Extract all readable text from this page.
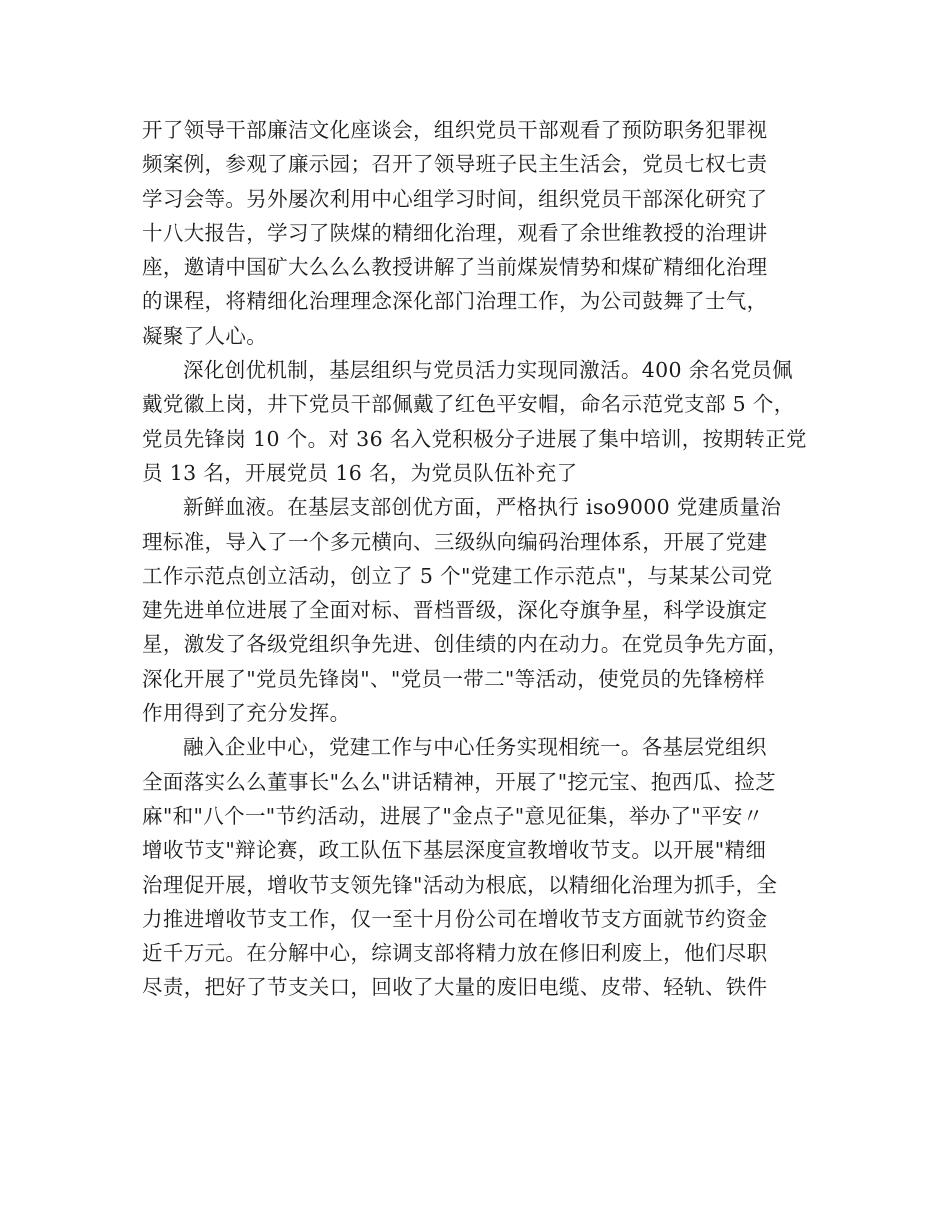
开了领导干部廉洁文化座谈会，组织党员干部观看了预防职务犯罪视
频案例，参观了廉示园；召开了领导班子民主生活会，党员七权七责
学习会等。另外屡次利用中心组学习时间，组织党员干部深化研究了
十八大报告，学习了陕煤的精细化治理，观看了余世维教授的治理讲
座，邀请中国矿大么么么教授讲解了当前煤炭情势和煤矿精细化治理
的课程，将精细化治理理念深化部门治理工作，为公司鼓舞了士气，
凝聚了人心。
深化创优机制，基层组织与党员活力实现同激活。400 余名党员佩
戴党徽上岗，井下党员干部佩戴了红色平安帽，命名示范党支部 5 个，
党员先锋岗 10 个。对 36 名入党积极分子进展了集中培训，按期转正党
员 13 名，开展党员 16 名，为党员队伍补充了
新鲜血液。在基层支部创优方面，严格执行 iso9000 党建质量治
理标准，导入了一个多元横向、三级纵向编码治理体系，开展了党建
工作示范点创立活动，创立了 5 个"党建工作示范点"，与某某公司党
建先进单位进展了全面对标、晋档晋级，深化夺旗争星，科学设旗定
星，激发了各级党组织争先进、创佳绩的内在动力。在党员争先方面，
深化开展了"党员先锋岗"、"党员一带二"等活动，使党员的先锋榜样
作用得到了充分发挥。
融入企业中心，党建工作与中心任务实现相统一。各基层党组织
全面落实么么董事长"么么"讲话精神，开展了"挖元宝、抱西瓜、捡芝
麻"和"八个一"节约活动，进展了"金点子"意见征集，举办了"平安〃
增收节支"辩论赛，政工队伍下基层深度宣教增收节支。以开展"精细
治理促开展，增收节支领先锋"活动为根底，以精细化治理为抓手，全
力推进增收节支工作，仅一至十月份公司在增收节支方面就节约资金
近千万元。在分解中心，综调支部将精力放在修旧利废上，他们尽职
尽责，把好了节支关口，回收了大量的废旧电缆、皮带、轻轨、铁件
